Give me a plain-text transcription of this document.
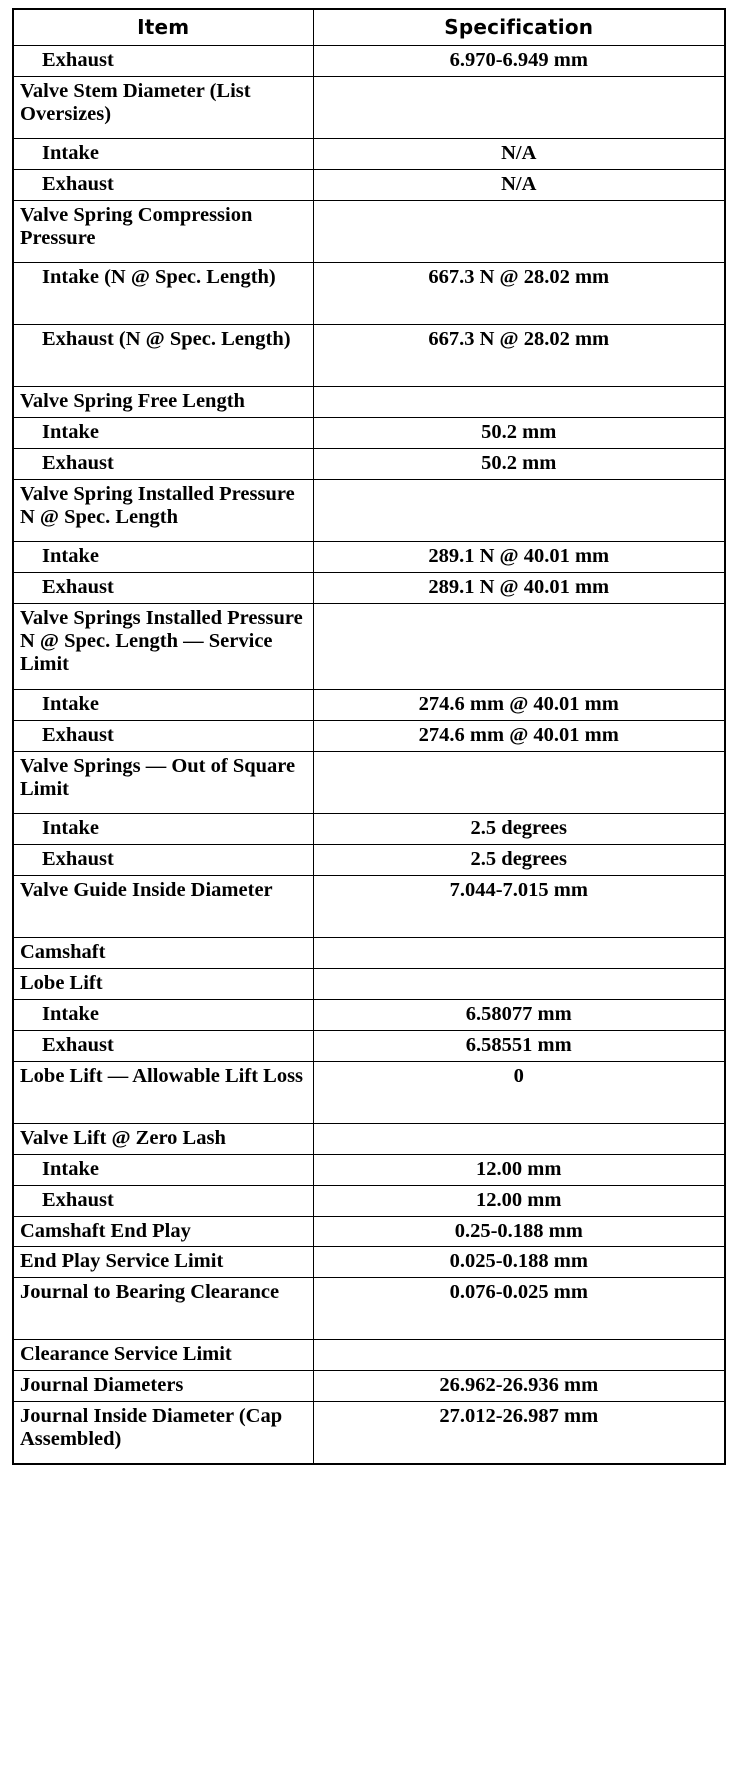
Item	Specification
Exhaust	6.970-6.949 mm
Valve Stem Diameter (List Oversizes)	
Intake	N/A
Exhaust	N/A
Valve Spring Compression Pressure	
Intake (N @ Spec. Length)	667.3 N @ 28.02 mm
Exhaust (N @ Spec. Length)	667.3 N @ 28.02 mm
Valve Spring Free Length	
Intake	50.2 mm
Exhaust	50.2 mm
Valve Spring Installed Pressure N @ Spec. Length	
Intake	289.1 N @ 40.01 mm
Exhaust	289.1 N @ 40.01 mm
Valve Springs Installed Pressure N @ Spec. Length — Service Limit	
Intake	274.6 mm @ 40.01 mm
Exhaust	274.6 mm @ 40.01 mm
Valve Springs — Out of Square Limit	
Intake	2.5 degrees
Exhaust	2.5 degrees
Valve Guide Inside Diameter	7.044-7.015 mm
Camshaft	
Lobe Lift	
Intake	6.58077 mm
Exhaust	6.58551 mm
Lobe Lift — Allowable Lift Loss	0
Valve Lift @ Zero Lash	
Intake	12.00 mm
Exhaust	12.00 mm
Camshaft End Play	0.25-0.188 mm
End Play Service Limit	0.025-0.188 mm
Journal to Bearing Clearance	0.076-0.025 mm
Clearance Service Limit	
Journal Diameters	26.962-26.936 mm
Journal Inside Diameter (Cap Assembled)	27.012-26.987 mm
